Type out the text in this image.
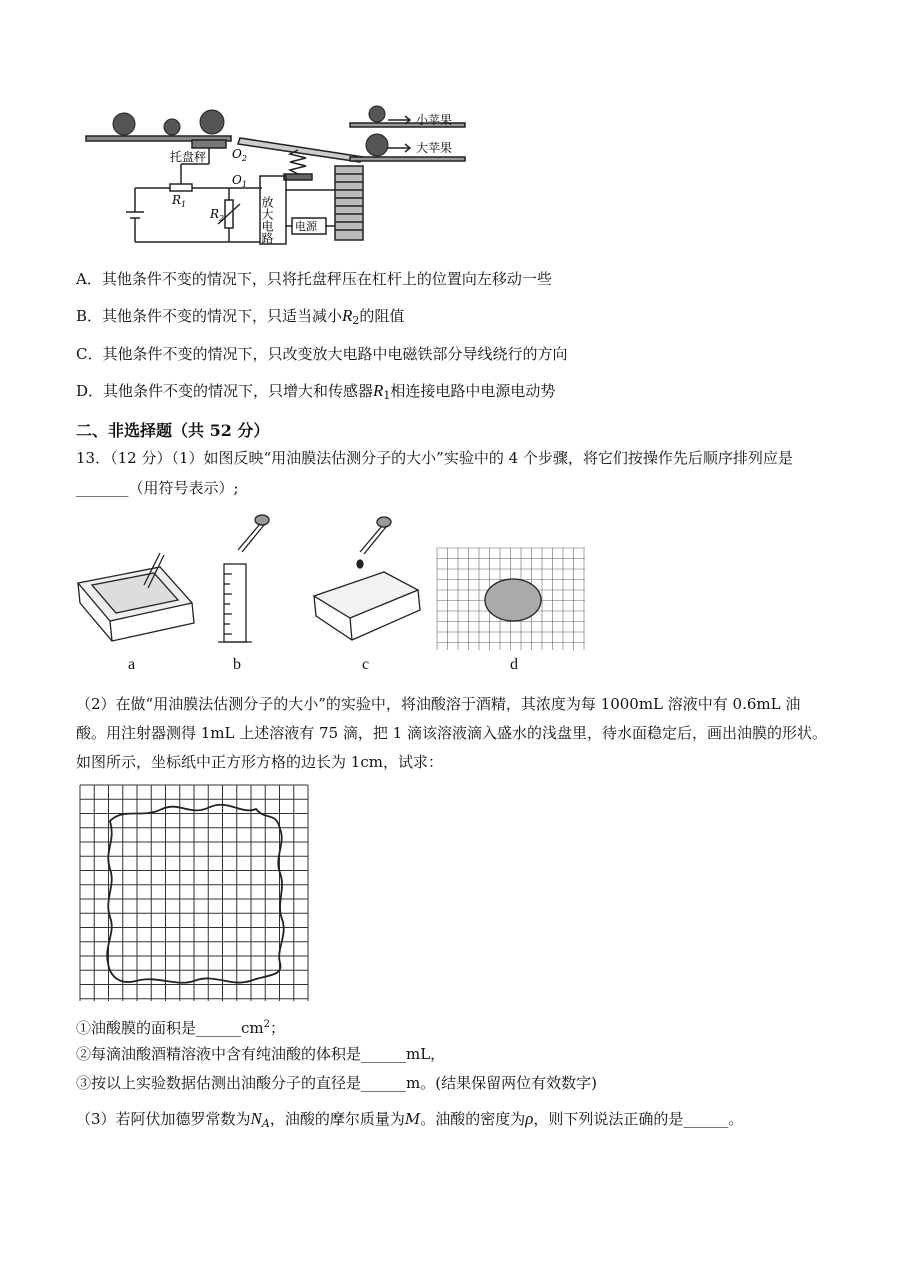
托盘秤 $O_2$
$O_1$
$R_1$
$R_2$	放大电路 电源
小苹果
大苹果
A．其他条件不变的情况下，只将托盘秤压在杠杆上的位置向左移动一些
B．其他条件不变的情况下，只适当减小$R_2$的阻值
C．其他条件不变的情况下，只改变放大电路中电磁铁部分导线绕行的方向
D．其他条件不变的情况下，只增大和传感器$R_1$相连接电路中电源电动势
二、非选择题（共 52 分）
13．（12 分）（1）如图反映“用油膜法估测分子的大小”实验中的 4 个步骤，将它们按操作先后顺序排列应是
_______（用符号表示）;
a	b	c	d
（2）在做“用油膜法估测分子的大小”的实验中，将油酸溶于酒精，其浓度为每 1000mL 溶液中有 0.6mL 油
酸。用注射器测得 1mL 上述溶液有 75 滴，把 1 滴该溶液滴入盛水的浅盘里，待水面稳定后，画出油膜的形状。
如图所示，坐标纸中正方形方格的边长为 1cm，试求：
①油酸膜的面积是$\_\_\_\_\_\_cm^2$；
②每滴油酸酒精溶液中含有纯油酸的体积是______mL，
③按以上实验数据估测出油酸分子的直径是______m。(结果保留两位有效数字)
（3）若阿伏加德罗常数为$N_A$，油酸的摩尔质量为M。油酸的密度为ρ，则下列说法正确的是______。
